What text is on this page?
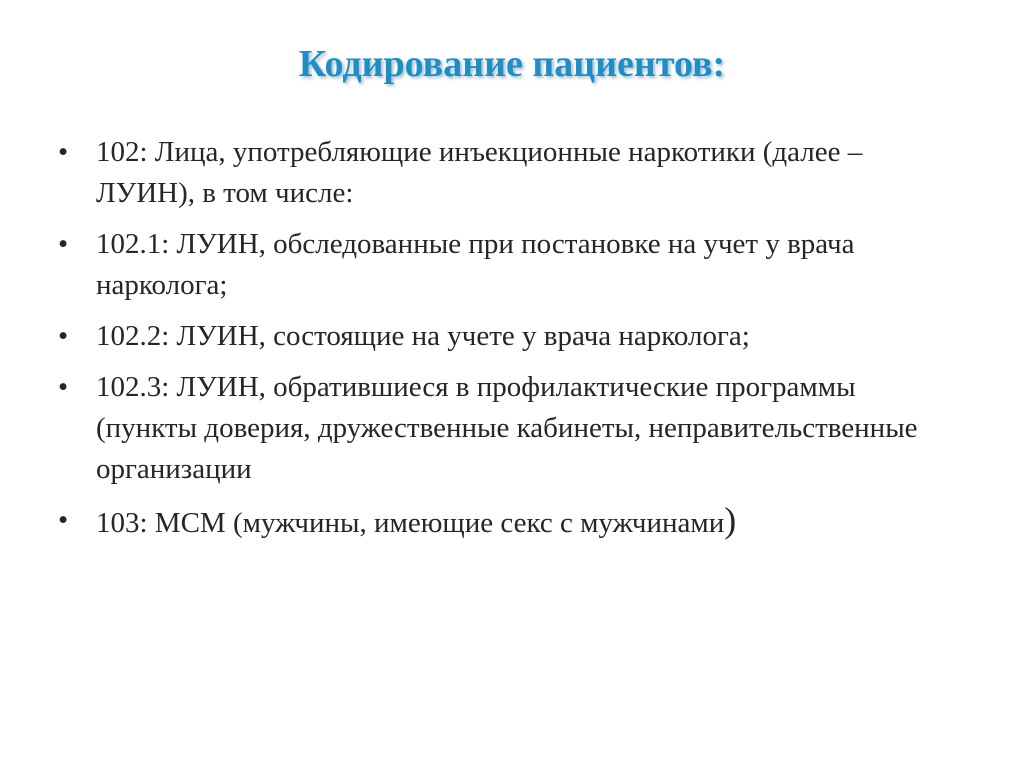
Кодирование пациентов:
• 102: Лица, употребляющие инъекционные наркотики (далее – ЛУИН), в том числе:
• 102.1: ЛУИН, обследованные при постановке на учет у врача нарколога;
• 102.2: ЛУИН, состоящие на учете у врача нарколога;
• 102.3: ЛУИН, обратившиеся в профилактические программы (пункты доверия, дружественные кабинеты, неправительственные организации
• 103: МСМ (мужчины, имеющие секс с мужчинами)
